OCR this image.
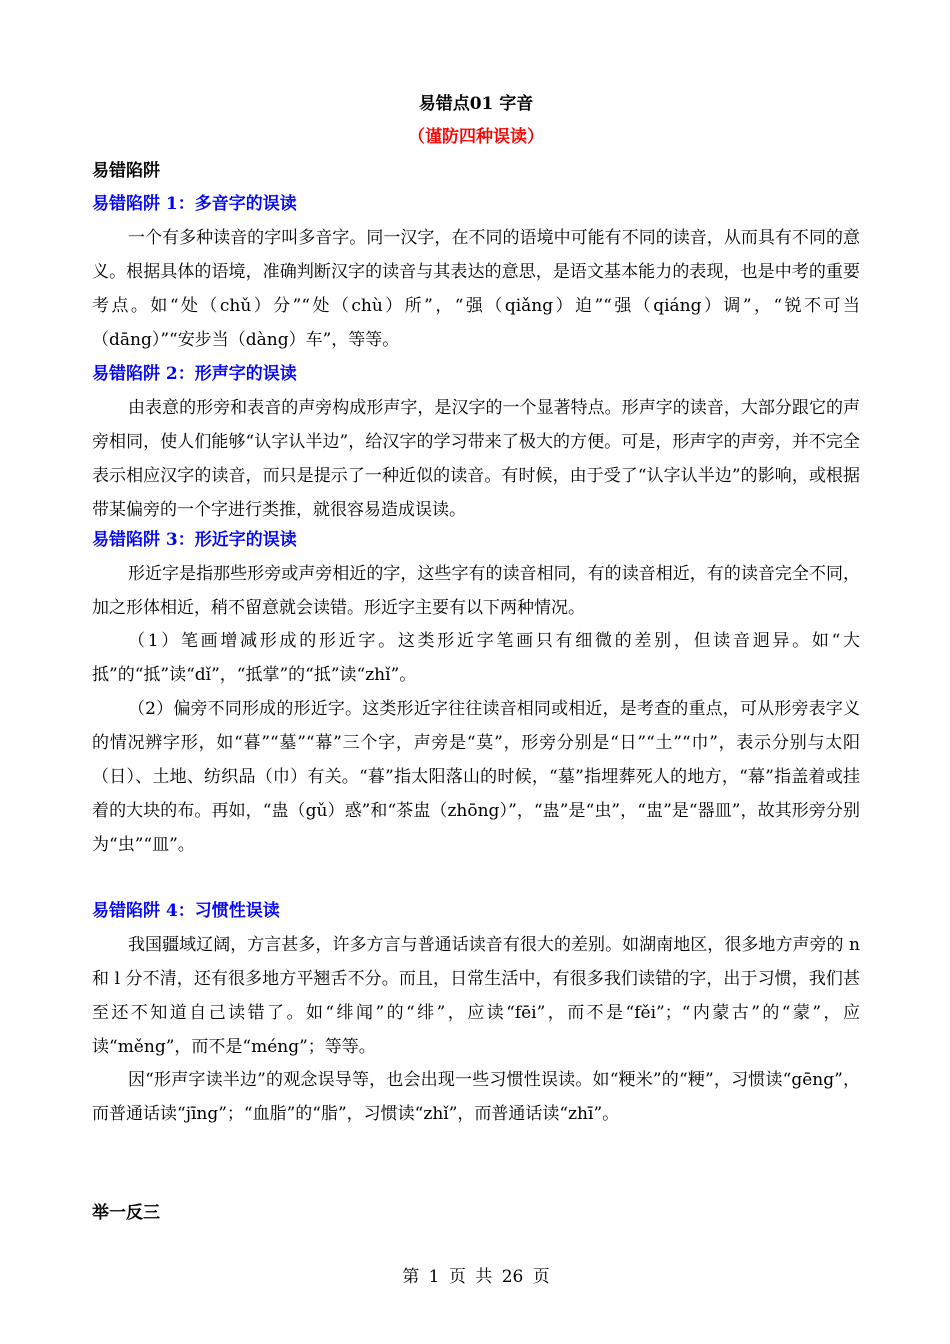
易错点01 字音
（谨防四种误读）
易错陷阱
易错陷阱 1：多音字的误读

一个有多种读音的字叫多音字。同一汉字，在不同的语境中可能有不同的读音，从而具有不同的意义。根据具体的语境，准确判断汉字的读音与其表达的意思，是语文基本能力的表现，也是中考的重要考点。如“处（chǔ）分”“处（chù）所”，“强（qiǎng）迫”“强（qiáng）调”，“锐不可当（dāng）”“安步当（dàng）车”，等等。

易错陷阱 2：形声字的误读

由表意的形旁和表音的声旁构成形声字，是汉字的一个显著特点。形声字的读音，大部分跟它的声旁相同，使人们能够“认字认半边”，给汉字的学习带来了极大的方便。可是，形声字的声旁，并不完全表示相应汉字的读音，而只是提示了一种近似的读音。有时候，由于受了“认字认半边”的影响，或根据带某偏旁的一个字进行类推，就很容易造成误读。

易错陷阱 3：形近字的误读

形近字是指那些形旁或声旁相近的字，这些字有的读音相同，有的读音相近，有的读音完全不同，加之形体相近，稍不留意就会读错。形近字主要有以下两种情况。

（1）笔画增减形成的形近字。这类形近字笔画只有细微的差别，但读音迥异。如“大抵”的“抵”读“dǐ”，“抵掌”的“抵”读“zhǐ”。

（2）偏旁不同形成的形近字。这类形近字往往读音相同或相近，是考查的重点，可从形旁表字义的情况辨字形，如“暮”“墓”“幕”三个字，声旁是“莫”，形旁分别是“日”“土”“巾”，表示分别与太阳（日）、土地、纺织品（巾）有关。“暮”指太阳落山的时候，“墓”指埋葬死人的地方，“幕”指盖着或挂着的大块的布。再如，“蛊（gǔ）惑”和“茶盅（zhōng）”，“蛊”是“虫”，“盅”是“器皿”，故其形旁分别为“虫”“皿”。

易错陷阱 4：习惯性误读

我国疆域辽阔，方言甚多，许多方言与普通话读音有很大的差别。如湖南地区，很多地方声旁的 n 和 l 分不清，还有很多地方平翘舌不分。而且，日常生活中，有很多我们读错的字，出于习惯，我们甚至还不知道自己读错了。如“绯闻”的“绯”，应读“fēi”，而不是“fěi”；“内蒙古”的“蒙”，应读“měng”，而不是“méng”；等等。

因“形声字读半边”的观念误导等，也会出现一些习惯性误读。如“粳米”的“粳”，习惯读“gēng”，而普通话读“jīng”；“血脂”的“脂”，习惯读“zhǐ”，而普通话读“zhī”。

举一反三
第 1 页 共 26 页
